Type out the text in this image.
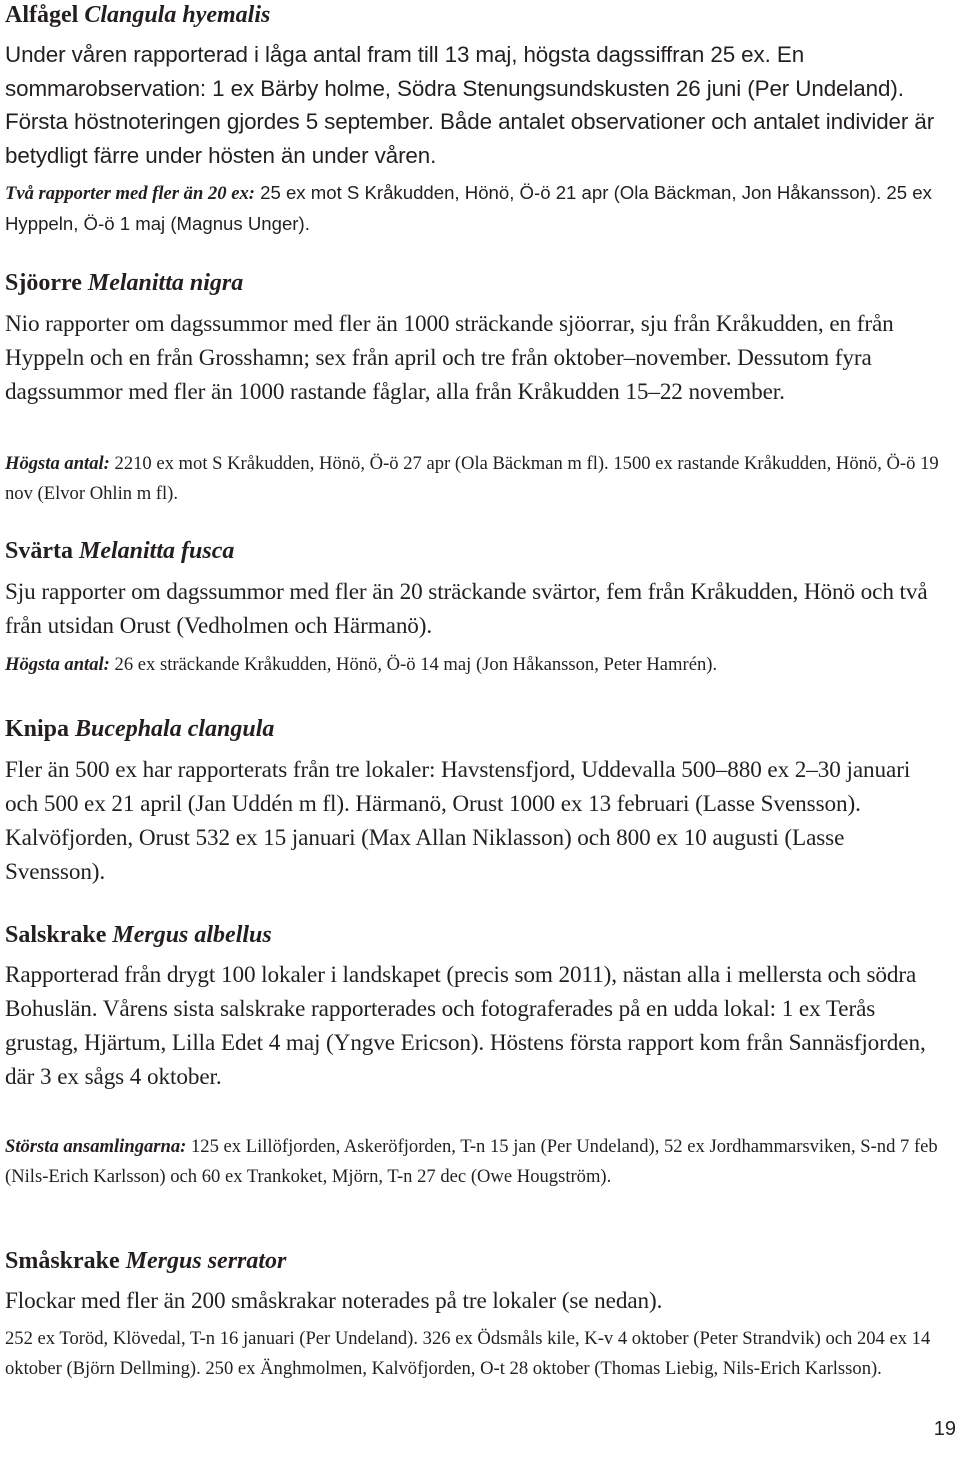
Alfågel Clangula hyemalis

Under våren rapporterad i låga antal fram till 13 maj, högsta dagssiffran 25 ex. En sommarobservation: 1 ex Bärby holme, Södra Stenungsundskusten 26 juni (Per Undeland). Första höstnoteringen gjordes 5 september. Både antalet observationer och antalet individer är betydligt färre under hösten än under våren.

Två rapporter med fler än 20 ex: 25 ex mot S Kråkudden, Hönö, Ö-ö 21 apr (Ola Bäckman, Jon Håkansson). 25 ex Hyppeln, Ö-ö 1 maj (Magnus Unger).

Sjöorre Melanitta nigra

Nio rapporter om dagssummor med fler än 1000 sträckande sjöorrar, sju från Kråkudden, en från Hyppeln och en från Grosshamn; sex från april och tre från oktober–november. Dessutom fyra dagssummor med fler än 1000 rastande fåglar, alla från Kråkudden 15–22 november.

Högsta antal: 2210 ex mot S Kråkudden, Hönö, Ö-ö 27 apr (Ola Bäckman m fl). 1500 ex rastande Kråkudden, Hönö, Ö-ö 19 nov (Elvor Ohlin m fl).

Svärta Melanitta fusca

Sju rapporter om dagssummor med fler än 20 sträckande svärtor, fem från Kråkudden, Hönö och två från utsidan Orust (Vedholmen och Härmanö).

Högsta antal: 26 ex sträckande Kråkudden, Hönö, Ö-ö 14 maj (Jon Håkansson, Peter Hamrén).

Knipa Bucephala clangula

Fler än 500 ex har rapporterats från tre lokaler: Havstensfjord, Uddevalla 500–880 ex 2–30 januari och 500 ex 21 april (Jan Uddén m fl). Härmanö, Orust 1000 ex 13 februari (Lasse Svensson). Kalvöfjorden, Orust 532 ex 15 januari (Max Allan Niklasson) och 800 ex 10 augusti (Lasse Svensson).

Salskrake Mergus albellus

Rapporterad från drygt 100 lokaler i landskapet (precis som 2011), nästan alla i mellersta och södra Bohuslän. Vårens sista salskrake rapporterades och fotograferades på en udda lokal: 1 ex Terås grustag, Hjärtum, Lilla Edet 4 maj (Yngve Ericson). Höstens första rapport kom från Sannäsfjorden, där 3 ex sågs 4 oktober.

Största ansamlingarna: 125 ex Lillöfjorden, Askeröfjorden, T-n 15 jan (Per Undeland), 52 ex Jordhammarsviken, S-nd 7 feb (Nils-Erich Karlsson) och 60 ex Trankoket, Mjörn, T-n 27 dec (Owe Hougström).

Småskrake Mergus serrator

Flockar med fler än 200 småskrakar noterades på tre lokaler (se nedan).

252 ex Toröd, Klövedal, T-n 16 januari (Per Undeland). 326 ex Ödsmåls kile, K-v 4 oktober (Peter Strandvik) och 204 ex 14 oktober (Björn Dellming). 250 ex Änghmolmen, Kalvöfjorden, O-t 28 oktober (Thomas Liebig, Nils-Erich Karlsson).

19
